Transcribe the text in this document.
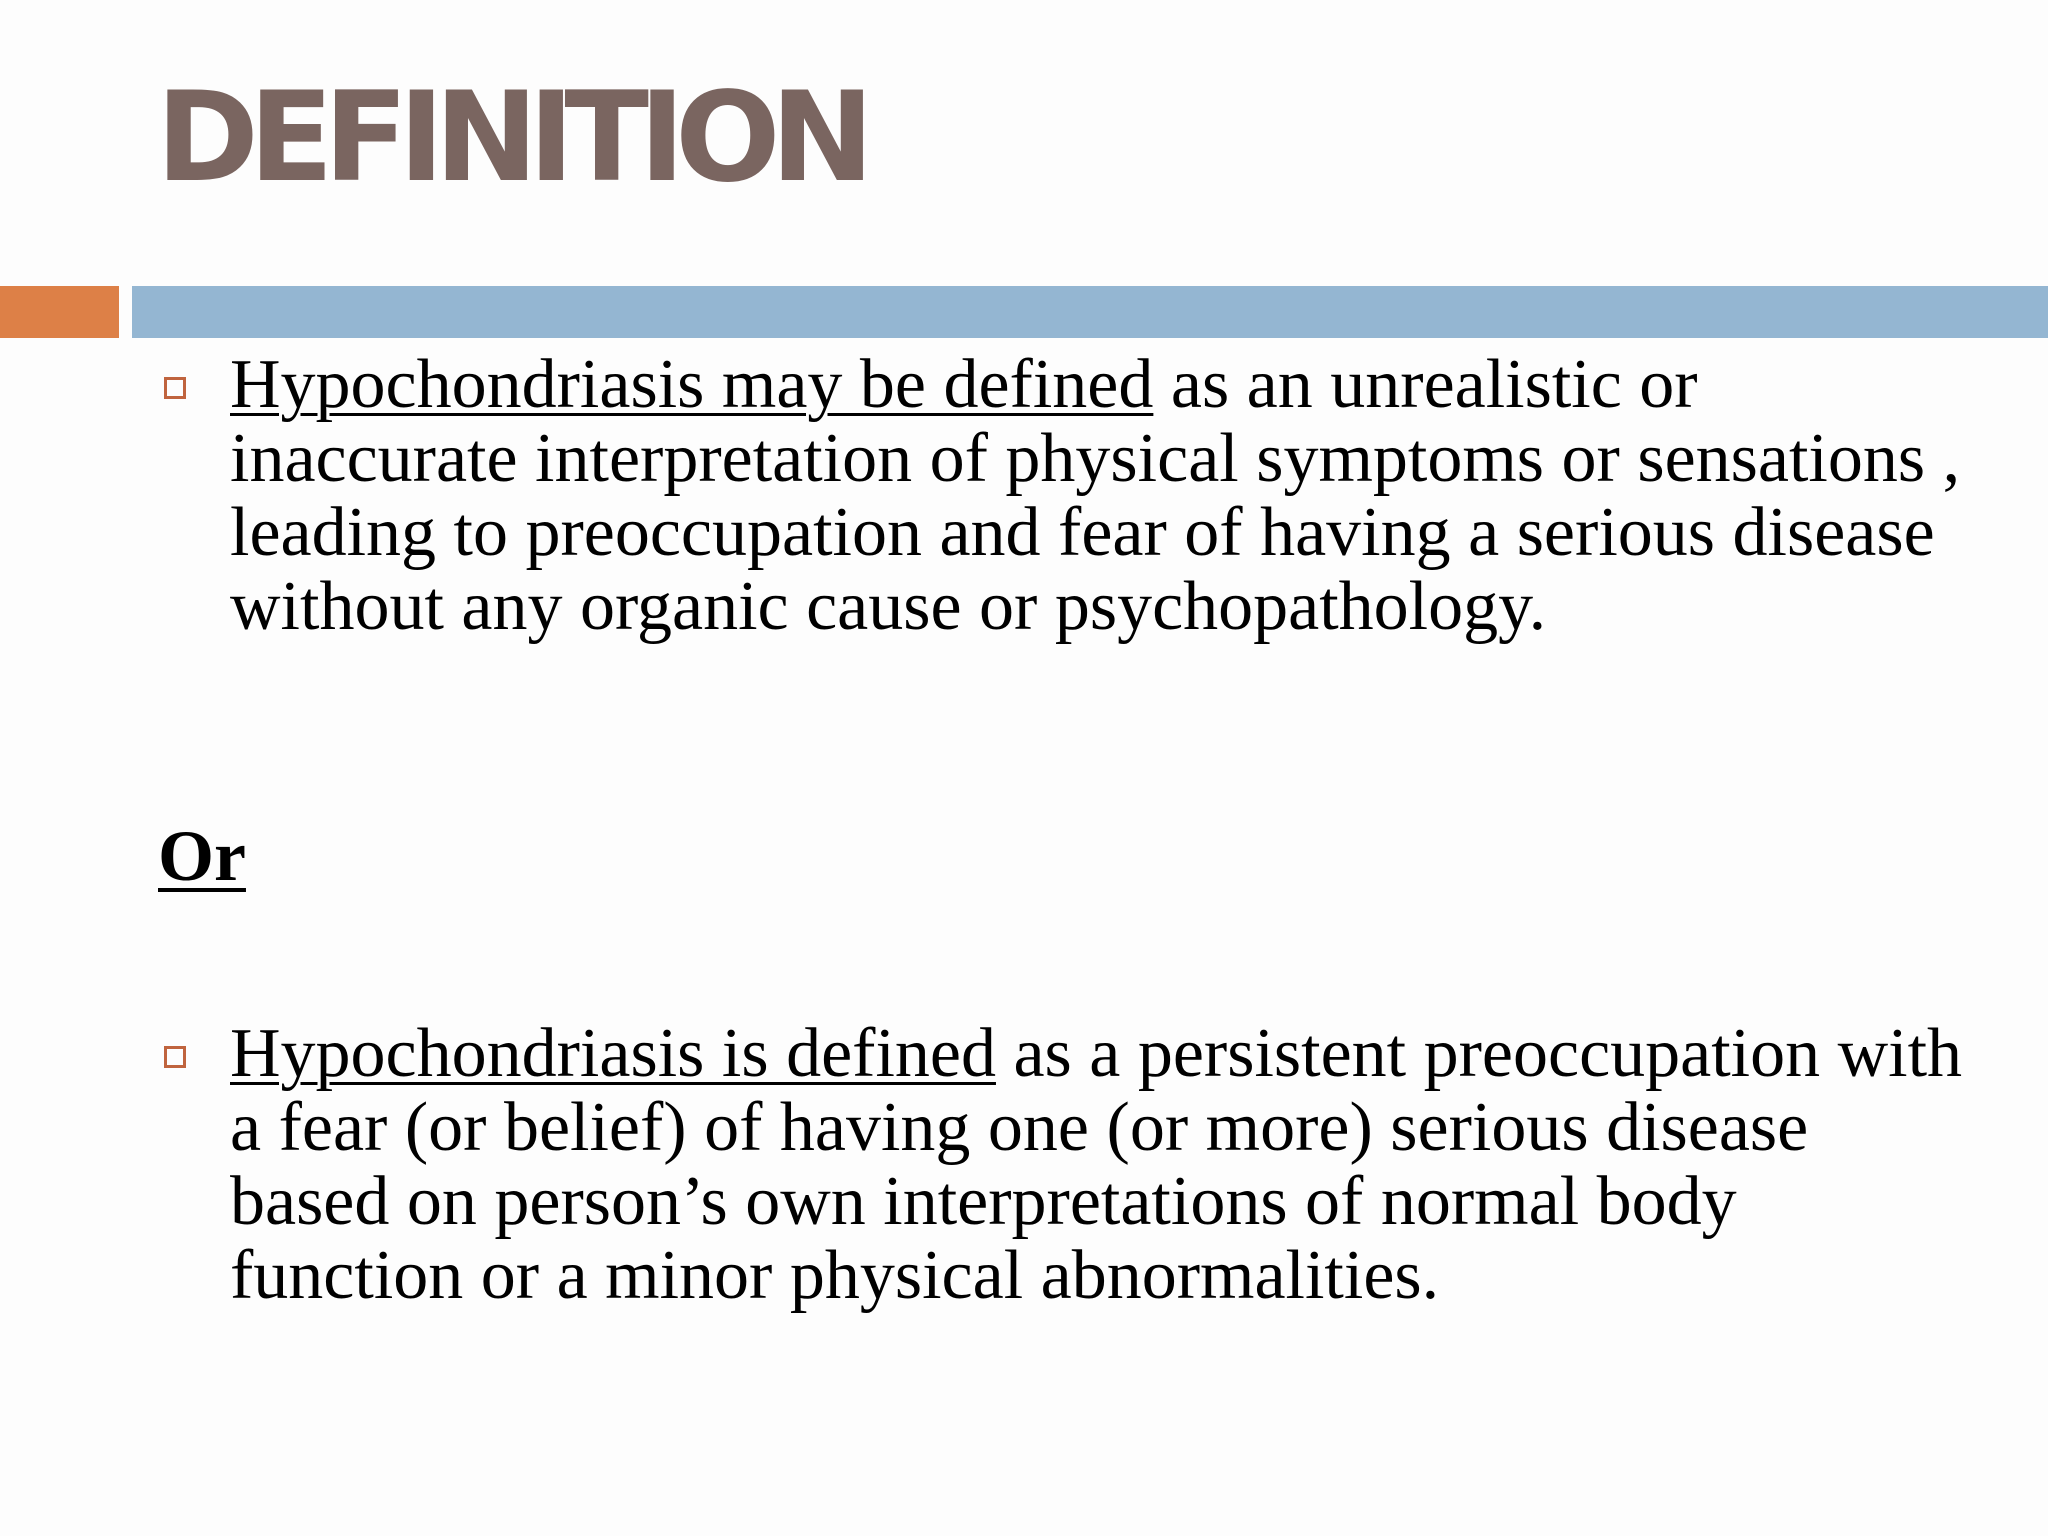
DEFINITION

Hypochondriasis may be defined as an unrealistic or inaccurate interpretation of physical symptoms or sensations , leading to preoccupation and fear of having a serious disease without any organic cause or psychopathology.

Or

Hypochondriasis is defined as a persistent preoccupation with a fear (or belief) of having one (or more) serious disease based on person’s own interpretations of normal body function or a minor physical abnormalities.
